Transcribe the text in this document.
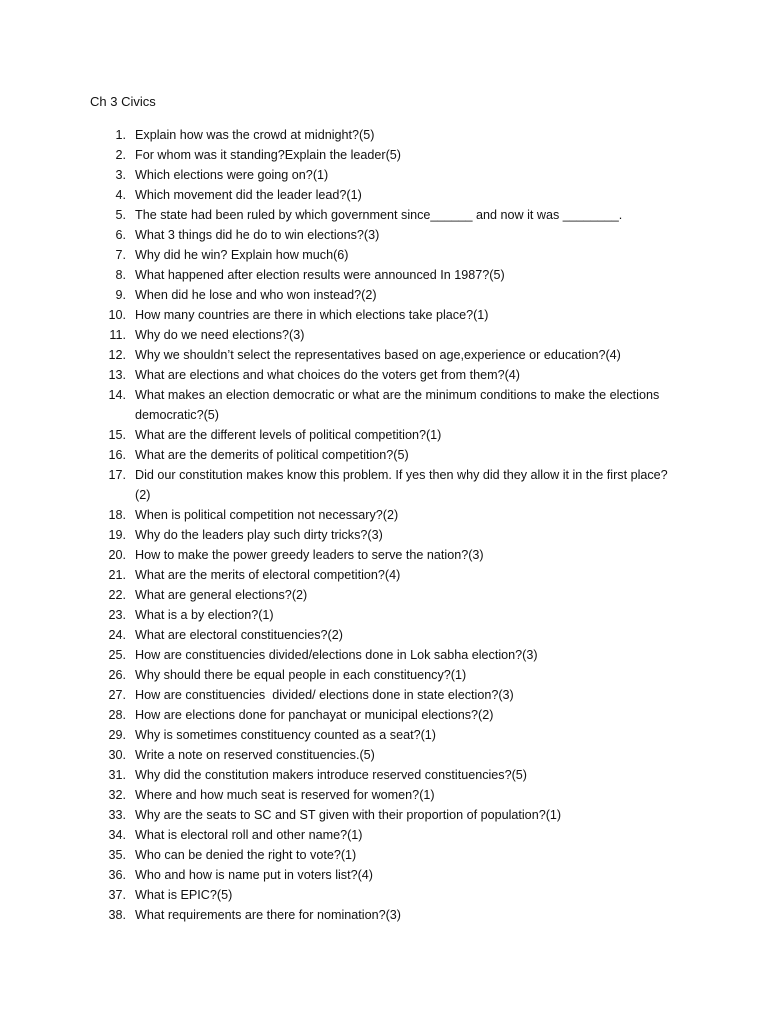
Ch 3 Civics
1. Explain how was the crowd at midnight?(5)
2. For whom was it standing?Explain the leader(5)
3. Which elections were going on?(1)
4. Which movement did the leader lead?(1)
5. The state had been ruled by which government since______ and now it was ________.
6. What 3 things did he do to win elections?(3)
7. Why did he win? Explain how much(6)
8. What happened after election results were announced In 1987?(5)
9. When did he lose and who won instead?(2)
10. How many countries are there in which elections take place?(1)
11. Why do we need elections?(3)
12. Why we shouldn’t select the representatives based on age,experience or education?(4)
13. What are elections and what choices do the voters get from them?(4)
14. What makes an election democratic or what are the minimum conditions to make the elections democratic?(5)
15. What are the different levels of political competition?(1)
16. What are the demerits of political competition?(5)
17. Did our constitution makes know this problem. If yes then why did they allow it in the first place?(2)
18. When is political competition not necessary?(2)
19. Why do the leaders play such dirty tricks?(3)
20. How to make the power greedy leaders to serve the nation?(3)
21. What are the merits of electoral competition?(4)
22. What are general elections?(2)
23. What is a by election?(1)
24. What are electoral constituencies?(2)
25. How are constituencies divided/elections done in Lok sabha election?(3)
26. Why should there be equal people in each constituency?(1)
27. How are constituencies  divided/ elections done in state election?(3)
28. How are elections done for panchayat or municipal elections?(2)
29. Why is sometimes constituency counted as a seat?(1)
30. Write a note on reserved constituencies.(5)
31. Why did the constitution makers introduce reserved constituencies?(5)
32. Where and how much seat is reserved for women?(1)
33. Why are the seats to SC and ST given with their proportion of population?(1)
34. What is electoral roll and other name?(1)
35. Who can be denied the right to vote?(1)
36. Who and how is name put in voters list?(4)
37. What is EPIC?(5)
38. What requirements are there for nomination?(3)
